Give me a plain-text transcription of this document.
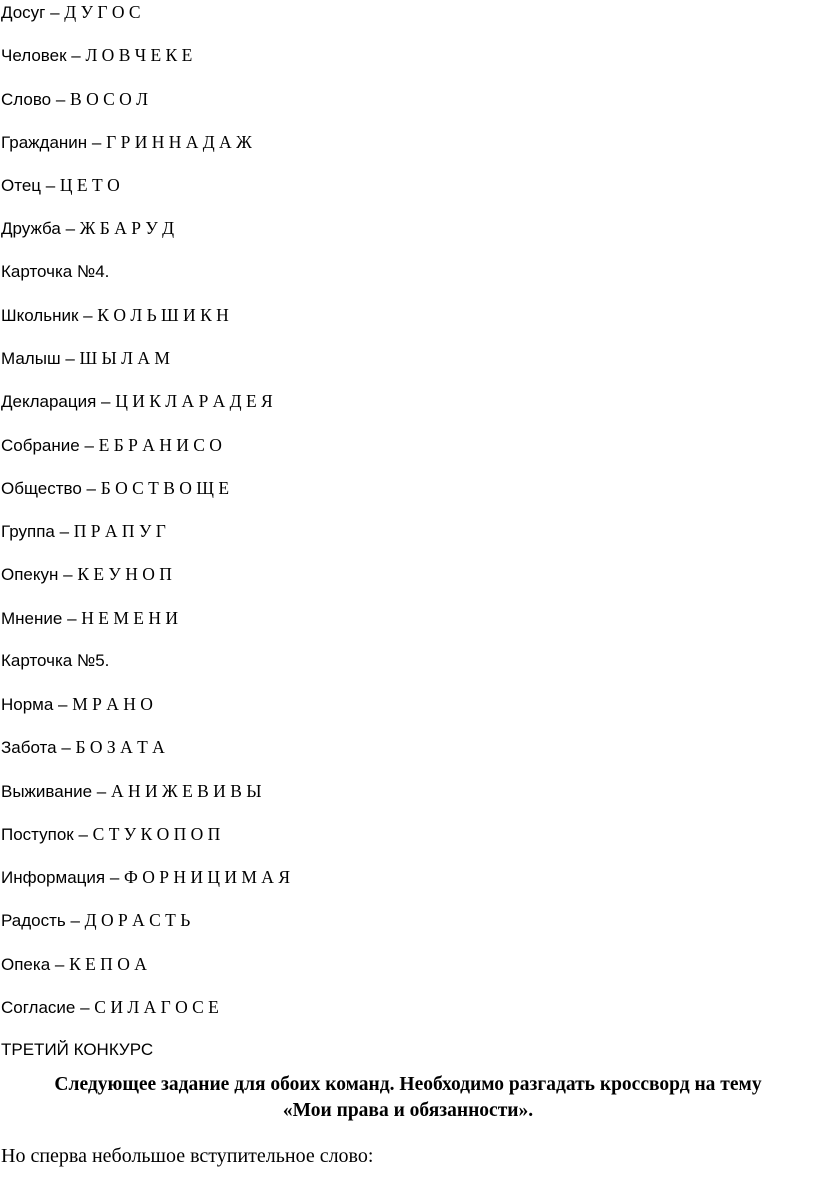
Досуг – Д У Г О С
Человек – Л О В Ч Е К Е
Слово – В О С О Л
Гражданин – Г Р И Н Н А Д А Ж
Отец – Ц Е Т О
Дружба – Ж Б А Р У Д
Карточка №4.
Школьник – К О Л Ь Ш И К Н
Малыш – Ш Ы Л А М
Декларация – Ц И К Л А Р А Д Е Я
Собрание – Е Б Р А Н И С О
Общество – Б О С Т В О Щ Е
Группа – П Р А П У Г
Опекун – К Е У Н О П
Мнение – Н Е М Е Н И
Карточка №5.
Норма – М Р А Н О
Забота – Б О З А Т А
Выживание – А Н И Ж Е В И В Ы
Поступок – С Т У К О П О П
Информация – Ф О Р Н И Ц И М А Я
Радость – Д О Р А С Т Ь
Опека – К Е П О А
Согласие – С И Л А Г О С Е
ТРЕТИЙ КОНКУРС
Следующее задание для обоих команд. Необходимо разгадать кроссворд на тему
«Мои права и обязанности».
Но сперва небольшое вступительное слово:
